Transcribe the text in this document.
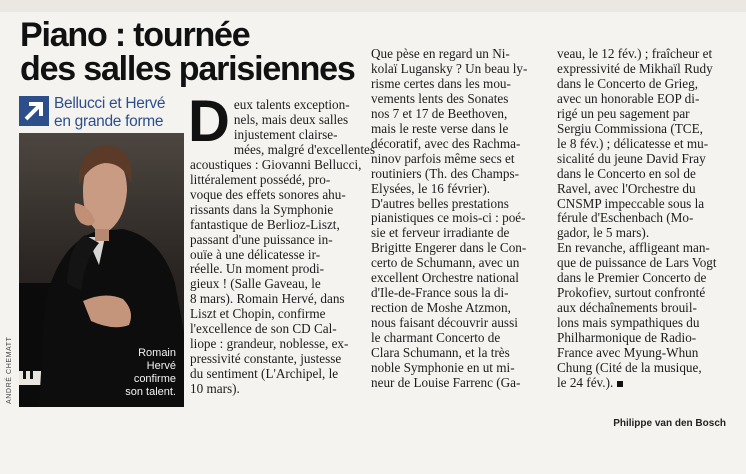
Piano : tournée
des salles parisiennes
Bellucci et Hervé
en grande forme
Romain
Hervé
confirme
son talent.
ANDRÉ CHEMATT
D eux talents exception-
nels, mais deux salles
injustement clairse-
mées, malgré d'excellentes
acoustiques : Giovanni Bellucci,
littéralement possédé, pro-
voque des effets sonores ahu-
rissants dans la Symphonie
fantastique de Berlioz-Liszt,
passant d'une puissance in-
ouïe à une délicatesse ir-
réelle. Un moment prodi-
gieux ! (Salle Gaveau, le
8 mars). Romain Hervé, dans
Liszt et Chopin, confirme
l'excellence de son CD Cal-
liope : grandeur, noblesse, ex-
pressivité constante, justesse
du sentiment (L'Archipel, le
10 mars).
Que pèse en regard un Ni-
kolaï Lugansky ? Un beau ly-
risme certes dans les mou-
vements lents des Sonates
nos 7 et 17 de Beethoven,
mais le reste verse dans le
décoratif, avec des Rachma-
ninov parfois même secs et
routiniers (Th. des Champs-
Elysées, le 16 février).
D'autres belles prestations
pianistiques ce mois-ci : poé-
sie et ferveur irradiante de
Brigitte Engerer dans le Con-
certo de Schumann, avec un
excellent Orchestre national
d'Ile-de-France sous la di-
rection de Moshe Atzmon,
nous faisant découvrir aussi
le charmant Concerto de
Clara Schumann, et la très
noble Symphonie en ut mi-
neur de Louise Farrenc (Ga-
veau, le 12 fév.) ; fraîcheur et
expressivité de Mikhaïl Rudy
dans le Concerto de Grieg,
avec un honorable EOP di-
rigé un peu sagement par
Sergiu Commissiona (TCE,
le 8 fév.) ; délicatesse et mu-
sicalité du jeune David Fray
dans le Concerto en sol de
Ravel, avec l'Orchestre du
CNSMP impeccable sous la
férule d'Eschenbach (Mo-
gador, le 5 mars).
En revanche, affligeant man-
que de puissance de Lars Vogt
dans le Premier Concerto de
Prokofiev, surtout confronté
aux déchaînements brouil-
lons mais sympathiques du
Philharmonique de Radio-
France avec Myung-Whun
Chung (Cité de la musique,
le 24 fév.).
Philippe van den Bosch
